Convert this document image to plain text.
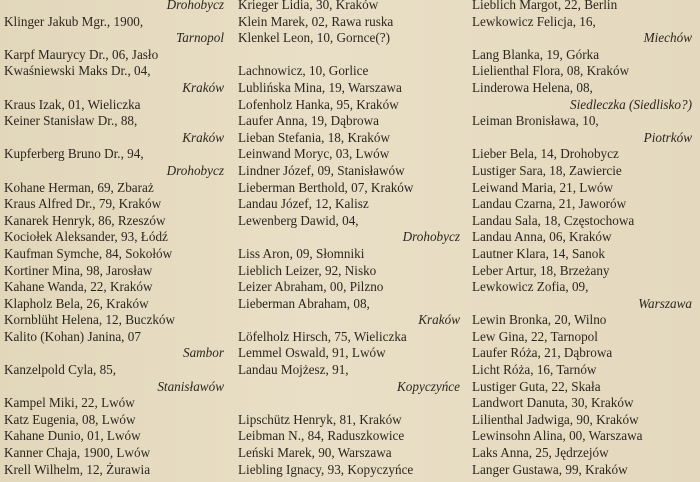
Drohobycz
Klinger Jakub Mgr., 1900,
Tarnopol
Karpf Maurycy Dr., 06, Jasło
Kwaśniewski Maks Dr., 04,
Kraków
Kraus Izak, 01, Wieliczka
Keiner Stanisław Dr., 88,
Kraków
Kupferberg Bruno Dr., 94,
Drohobycz
Kohane Herman, 69, Zbaraż
Kraus Alfred Dr., 79, Kraków
Kanarek Henryk, 86, Rzeszów
Kociołek Aleksander, 93, Łódź
Kaufman Symche, 84, Sokołów
Kortiner Mina, 98, Jarosław
Kahane Wanda, 22, Kraków
Klapholz Bela, 26, Kraków
Kornblüht Helena, 12, Buczków
Kalito (Kohan) Janina, 07
Sambor
Kanzelpold Cyla, 85,
Stanisławów
Kampel Miki, 22, Lwów
Katz Eugenia, 08, Lwów
Kahane Dunio, 01, Lwów
Kanner Chaja, 1900, Lwów
Krell Wilhelm, 12, Żurawia
Krieger Lidia, 30, Kraków
Klein Marek, 02, Rawa ruska
Klenkel Leon, 10, Gornce(?)
Lachnowicz, 10, Gorlice
Lublińska Mina, 19, Warszawa
Lofenholz Hanka, 95, Kraków
Laufer Anna, 19, Dąbrowa
Lieban Stefania, 18, Kraków
Leinwand Moryc, 03, Lwów
Lindner Józef, 09, Stanisławów
Lieberman Berthold, 07, Kraków
Landau Józef, 12, Kalisz
Lewenberg Dawid, 04,
Drohobycz
Liss Aron, 09, Słomniki
Lieblich Leizer, 92, Nisko
Leizer Abraham, 00, Pilzno
Lieberman Abraham, 08,
Kraków
Löfelholz Hirsch, 75, Wieliczka
Lemmel Oswald, 91, Lwów
Landau Mojżesz, 91,
Kopyczyńce
Lipschütz Henryk, 81, Kraków
Leibman N., 84, Raduszkowice
Leński Marek, 90, Warszawa
Liebling Ignacy, 93, Kopyczyńce
Lieblich Margot, 22, Berlin
Lewkowicz Felicja, 16,
Miechów
Lang Blanka, 19, Górka
Lielienthal Flora, 08, Kraków
Linderowa Helena, 08,
Siedleczka (Siedlisko?)
Leiman Bronisława, 10,
Piotrków
Lieber Bela, 14, Drohobycz
Lustiger Sara, 18, Zawiercie
Leiwand Maria, 21, Lwów
Landau Czarna, 21, Jaworów
Landau Sala, 18, Częstochowa
Landau Anna, 06, Kraków
Lautner Klara, 14, Sanok
Leber Artur, 18, Brzeżany
Lewkowicz Zofia, 09,
Warszawa
Lewin Bronka, 20, Wilno
Lew Gina, 22, Tarnopol
Laufer Róża, 21, Dąbrowa
Licht Róża, 16, Tarnów
Lustiger Guta, 22, Skała
Landwort Danuta, 30, Kraków
Lilienthal Jadwiga, 90, Kraków
Lewinsohn Alina, 00, Warszawa
Laks Anna, 25, Jędrzejów
Langer Gustawa, 99, Kraków
